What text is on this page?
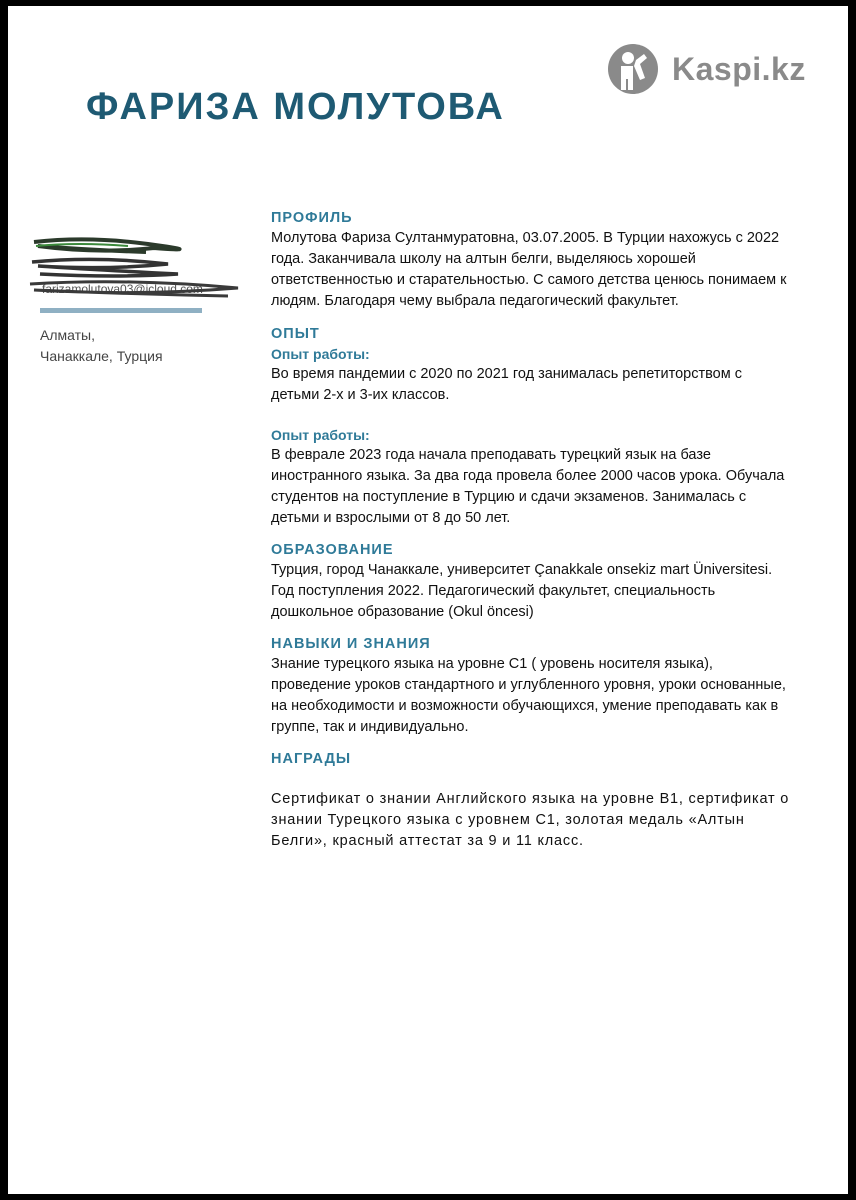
Kaspi.kz
ФАРИЗА МОЛУТОВА
farizamolutova03@icloud.com
Алматы,
Чанаккале, Турция

ПРОФИЛЬ

Молутова Фариза Султанмуратовна, 03.07.2005. В Турции нахожусь с 2022 года. Заканчивала школу на алтын белги, выделяюсь хорошей ответственностью и старательностью. С самого детства ценюсь понимаем к людям. Благодаря чему выбрала педагогический факультет.

ОПЫТ

Опыт работы:

Во время пандемии с 2020 по 2021 год занималась репетиторством с детьми 2-х и 3-их классов.

Опыт работы:

В феврале 2023 года начала преподавать турецкий язык на базе иностранного языка. За два года провела более 2000 часов урока. Обучала студентов на поступление в Турцию и сдачи экзаменов. Занималась с детьми и взрослыми от 8 до 50 лет.

ОБРАЗОВАНИЕ

Турция, город Чанаккале, университет Çanakkale onsekiz mart Üniversitesi. Год поступления 2022. Педагогический факультет, специальность дошкольное образование (Okul öncesi)

НАВЫКИ И ЗНАНИЯ

Знание турецкого языка на уровне С1 ( уровень носителя языка), проведение уроков стандартного и углубленного уровня, уроки основанные, на необходимости и возможности обучающихся, умение преподавать как в группе, так и индивидуально.

НАГРАДЫ

Сертификат о знании Английского языка на уровне В1, сертификат о знании Турецкого языка с уровнем С1, золотая медаль «Алтын Белги», красный аттестат за 9 и 11 класс.
